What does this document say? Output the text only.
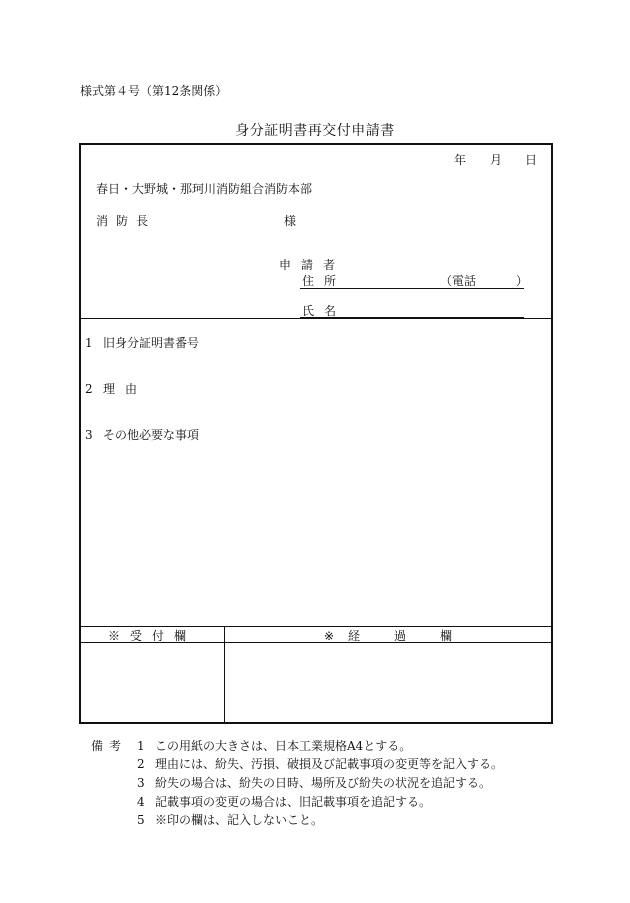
様式第４号（第12条関係）
身分証明書再交付申請書
年 月 日
春日・大野城・那珂川消防組合消防本部
消防長	様
申請者
住所	（電話	）
氏名
1 旧身分証明書番号
2 理由
3 その他必要な事項
※受付欄	※ 経	過	欄
備考 1 この用紙の大きさは、日本工業規格A4とする。
2 理由には、紛失、汚損、破損及び記載事項の変更等を記入する。
3 紛失の場合は、紛失の日時、場所及び紛失の状況を追記する。
4 記載事項の変更の場合は、旧記載事項を追記する。
5 ※印の欄は、記入しないこと。
